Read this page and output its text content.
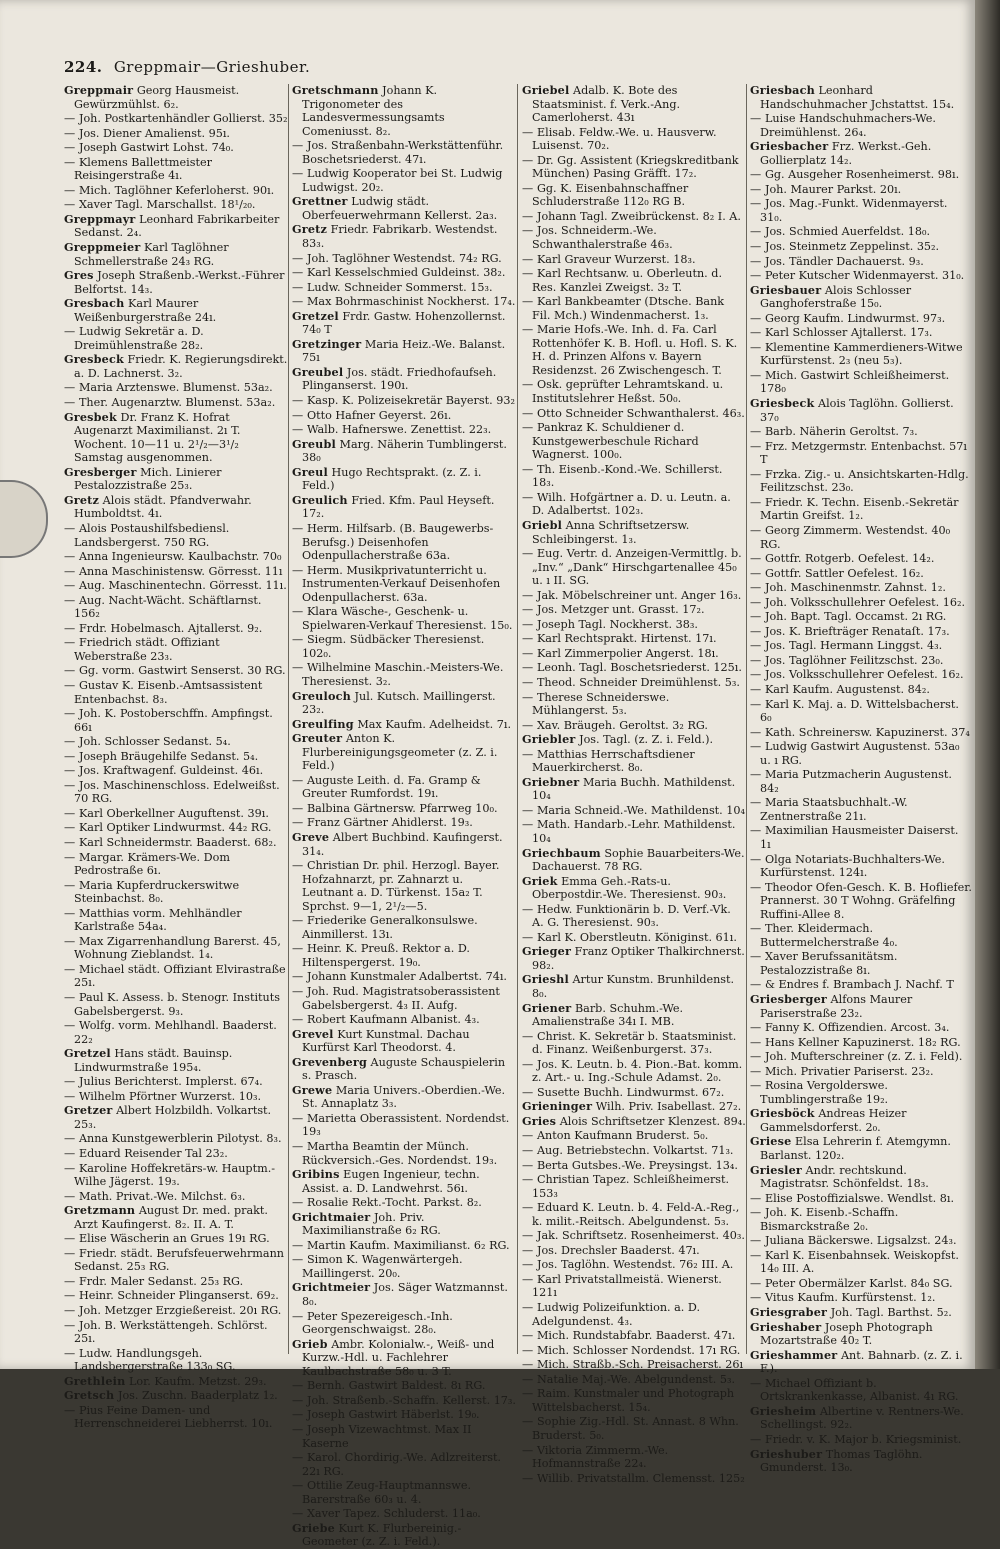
224. Greppmair—Grieshuber.
Greppmair Georg Hausmeist. Gewürzmühlst. 6₂.
— Joh. Postkartenhändler Gollierst. 35₂
— Jos. Diener Amalienst. 95ı.
— Joseph Gastwirt Lohst. 74₀.
— Klemens Ballettmeister Reisingerstraße 4ı.
— Mich. Taglöhner Keferloherst. 90ı.
— Xaver Tagl. Marschallst. 18¹/₂₀.
Greppmayr Leonhard Fabrikarbeiter Sedanst. 2₄.
Greppmeier Karl Taglöhner Schmellerstraße 24₃ RG.
Gres Joseph Straßenb.-Werkst.-Führer Belfortst. 14₃.
Gresbach Karl Maurer Weißenburgerstraße 24ı.
— Ludwig Sekretär a. D. Dreimühlenstraße 28₂.
Gresbeck Friedr. K. Regierungsdirekt. a. D. Lachnerst. 3₂.
— Maria Arztenswe. Blumenst. 53a₂.
— Ther. Augenarztw. Blumenst. 53a₂.
Gresbek Dr. Franz K. Hofrat Augenarzt Maximilianst. 2ı T. Wochent. 10—11 u. 2¹/₂—3¹/₂ Samstag ausgenommen.
Gresberger Mich. Linierer Pestalozzistraße 25₃.
Gretz Alois städt. Pfandverwahr. Humboldtst. 4ı.
— Alois Postaushilfsbediensl. Landsbergerst. 750 RG.
— Anna Ingenieursw. Kaulbachstr. 70₀
— Anna Maschinistensw. Görresst. 11ı
— Aug. Maschinentechn. Görresst. 11ı.
— Aug. Nacht-Wächt. Schäftlarnst. 156₂
— Frdr. Hobelmasch. Ajtallerst. 9₂.
— Friedrich städt. Offiziant Weberstraße 23₃.
— Gg. vorm. Gastwirt Senserst. 30 RG.
— Gustav K. Eisenb.-Amtsassistent Entenbachst. 8₃.
— Joh. K. Postoberschffn. Ampfingst. 66ı
— Joh. Schlosser Sedanst. 5₄.
— Joseph Bräugehilfe Sedanst. 5₄.
— Jos. Kraftwagenf. Guldeinst. 46ı.
— Jos. Maschinenschloss. Edelweißst. 70 RG.
— Karl Oberkellner Auguftenst. 39ı.
— Karl Optiker Lindwurmst. 44₂ RG.
— Karl Schneidermstr. Baaderst. 68₂.
— Margar. Krämers-We. Dom Pedrostraße 6ı.
— Maria Kupferdruckerswitwe Steinbachst. 8₀.
— Matthias vorm. Mehlhändler Karlstraße 54a₄.
— Max Zigarrenhandlung Barerst. 45, Wohnung Zieblandst. 1₄.
— Michael städt. Offiziant Elvirastraße 25ı.
— Paul K. Assess. b. Stenogr. Instituts Gabelsbergerst. 9₃.
— Wolfg. vorm. Mehlhandl. Baaderst. 22₂
Gretzel Hans städt. Bauinsp. Lindwurmstraße 195₄.
— Julius Berichterst. Implerst. 67₄.
— Wilhelm Pförtner Wurzerst. 10₃.
Gretzer Albert Holzbildh. Volkartst. 25₃.
— Anna Kunstgewerblerin Pilotyst. 8₃.
— Eduard Reisender Tal 23₂.
— Karoline Hoffekretärs-w. Hauptm.-Wilhe Jägerst. 19₃.
— Math. Privat.-We. Milchst. 6₃.
Gretzmann August Dr. med. prakt. Arzt Kaufingerst. 8₂. II. A. T.
— Elise Wäscherin an Grues 19ı RG.
— Friedr. städt. Berufsfeuerwehrmann Sedanst. 25₃ RG.
— Frdr. Maler Sedanst. 25₃ RG.
— Heinr. Schneider Plinganserst. 69₂.
— Joh. Metzger Erzgießereist. 20ı RG.
— Joh. B. Werkstättengeh. Schlörst. 25ı.
— Ludw. Handlungsgeh. Landsbergerstraße 133₀ SG.
Grethlein Lor. Kaufm. Metzst. 29₃.
Gretsch Jos. Zuschn. Baaderplatz 1₂.
— Pius Feine Damen- und Herrenschneiderei Liebherrst. 10ı.
Gretschmann Johann K. Trigonometer des Landesvermessungsamts Comeniusst. 8₂.
— Jos. Straßenbahn-Werkstättenführ. Boschetsriederst. 47ı.
— Ludwig Kooperator bei St. Ludwig Ludwigst. 20₂.
Grettner Ludwig städt. Oberfeuerwehrmann Kellerst. 2a₃.
Gretz Friedr. Fabrikarb. Westendst. 83₃.
— Joh. Taglöhner Westendst. 74₂ RG.
— Karl Kesselschmied Guldeinst. 38₂.
— Ludw. Schneider Sommerst. 15₃.
— Max Bohrmaschinist Nockherst. 17₄.
Gretzel Frdr. Gastw. Hohenzollernst. 74₀ T
Gretzinger Maria Heiz.-We. Balanst. 75ı
Greubel Jos. städt. Friedhofaufseh. Plinganserst. 190ı.
— Kasp. K. Polizeisekretär Bayerst. 93₂
— Otto Hafner Geyerst. 26ı.
— Walb. Hafnerswe. Zenettist. 22₃.
Greubl Marg. Näherin Tumblingerst. 38₀
Greul Hugo Rechtsprakt. (z. Z. i. Feld.)
Greulich Fried. Kfm. Paul Heyseft. 17₂.
— Herm. Hilfsarb. (B. Baugewerbs-Berufsg.) Deisenhofen Odenpullacherstraße 63a.
— Herm. Musikprivatunterricht u. Instrumenten-Verkauf Deisenhofen Odenpullacherst. 63a.
— Klara Wäsche-, Geschenk- u. Spielwaren-Verkauf Theresienst. 15₀.
— Siegm. Südbäcker Theresienst. 102₀.
— Wilhelmine Maschin.-Meisters-We. Theresienst. 3₂.
Greuloch Jul. Kutsch. Maillingerst. 23₂.
Greulfing Max Kaufm. Adelheidst. 7ı.
Greuter Anton K. Flurbereinigungsgeometer (z. Z. i. Feld.)
— Auguste Leith. d. Fa. Gramp & Greuter Rumfordst. 19ı.
— Balbina Gärtnersw. Pfarrweg 10₀.
— Franz Gärtner Ahidlerst. 19₃.
Greve Albert Buchbind. Kaufingerst. 31₄.
— Christian Dr. phil. Herzogl. Bayer. Hofzahnarzt, pr. Zahnarzt u. Leutnant a. D. Türkenst. 15a₂ T. Sprchst. 9—1, 2¹/₂—5.
— Friederike Generalkonsulswe. Ainmillerst. 13ı.
— Heinr. K. Preuß. Rektor a. D. Hiltenspergerst. 19₀.
— Johann Kunstmaler Adalbertst. 74ı.
— Joh. Rud. Magistratsoberassistent Gabelsbergerst. 4₃ II. Aufg.
— Robert Kaufmann Albanist. 4₃.
Grevel Kurt Kunstmal. Dachau Kurfürst Karl Theodorst. 4.
Grevenberg Auguste Schauspielerin s. Prasch.
Grewe Maria Univers.-Oberdien.-We. St. Annaplatz 3₃.
— Marietta Oberassistent. Nordendst. 19₃
— Martha Beamtin der Münch. Rückversich.-Ges. Nordendst. 19₃.
Gribins Eugen Ingenieur, techn. Assist. a. D. Landwehrst. 56ı.
— Rosalie Rekt.-Tocht. Parkst. 8₂.
Grichtmaier Joh. Priv. Maximilianstraße 6₂ RG.
— Martin Kaufm. Maximilianst. 6₂ RG.
— Simon K. Wagenwärtergeh. Maillingerst. 20₀.
Grichtmeier Jos. Säger Watzmannst. 8₀.
— Peter Spezereigesch.-Inh. Georgenschwaigst. 28₀.
Grieb Ambr. Kolonialw.-, Weiß- und Kurzw.-Hdl. u. Fachlehrer Kaulbachstraße 58₀ u. 3 T.
— Bernh. Gastwirt Baldest. 8ı RG.
— Joh. Straßenb.-Schaffn. Kellerst. 17₃.
— Joseph Gastwirt Häberlst. 19₀.
— Joseph Vizewachtmst. Max II Kaserne
— Karol. Chordirig.-We. Adlzreiterst. 22ı RG.
— Ottilie Zeug-Hauptmannswe. Barerstraße 60₃ u. 4.
— Xaver Tapez. Schluderst. 11a₀.
Griebe Kurt K. Flurbereinig.-Geometer (z. Z. i. Feld.).
Griebel Adalb. K. Bote des Staatsminist. f. Verk.-Ang. Camerloherst. 43ı
— Elisab. Feldw.-We. u. Hausverw. Luisenst. 70₂.
— Dr. Gg. Assistent (Kriegskreditbank München) Pasing Gräfft. 17₂.
— Gg. K. Eisenbahnschaffner Schluderstraße 112₀ RG B.
— Johann Tagl. Zweibrückenst. 8₂ I. A.
— Jos. Schneiderm.-We. Schwanthalerstraße 46₃.
— Karl Graveur Wurzerst. 18₃.
— Karl Rechtsanw. u. Oberleutn. d. Res. Kanzlei Zweigst. 3₂ T.
— Karl Bankbeamter (Dtsche. Bank Fil. Mch.) Windenmacherst. 1₃.
— Marie Hofs.-We. Inh. d. Fa. Carl Rottenhöfer K. B. Hofl. u. Hofl. S. K. H. d. Prinzen Alfons v. Bayern Residenzst. 26 Zwischengesch. T.
— Osk. geprüfter Lehramtskand. u. Institutslehrer Heßst. 50₀.
— Otto Schneider Schwanthalerst. 46₃.
— Pankraz K. Schuldiener d. Kunstgewerbeschule Richard Wagnerst. 100₀.
— Th. Eisenb.-Kond.-We. Schillerst. 18₃.
— Wilh. Hofgärtner a. D. u. Leutn. a. D. Adalbertst. 102₃.
Griebl Anna Schriftsetzersw. Schleibingerst. 1₃.
— Eug. Vertr. d. Anzeigen-Vermittlg. b. „Inv.“ „Dank“ Hirschgartenallee 45₀ u. ı II. SG.
— Jak. Möbelschreiner unt. Anger 16₃.
— Jos. Metzger unt. Grasst. 17₂.
— Joseph Tagl. Nockherst. 38₃.
— Karl Rechtsprakt. Hirtenst. 17ı.
— Karl Zimmerpolier Angerst. 18ı.
— Leonh. Tagl. Boschetsriederst. 125ı.
— Theod. Schneider Dreimühlenst. 5₃.
— Therese Schneiderswe. Mühlangerst. 5₃.
— Xav. Bräugeh. Geroltst. 3₂ RG.
Griebler Jos. Tagl. (z. Z. i. Feld.).
— Matthias Herrschaftsdiener Mauerkircherst. 8₀.
Griebner Maria Buchh. Mathildenst. 10₄
— Maria Schneid.-We. Mathildenst. 10₄
— Math. Handarb.-Lehr. Mathildenst. 10₄
Griechbaum Sophie Bauarbeiters-We. Dachauerst. 78 RG.
Griek Emma Geh.-Rats-u. Oberpostdir.-We. Theresienst. 90₃.
— Hedw. Funktionärin b. D. Verf.-Vk. A. G. Theresienst. 90₃.
— Karl K. Oberstleutn. Königinst. 61ı.
Grieger Franz Optiker Thalkirchnerst. 98₂.
Grieshl Artur Kunstm. Brunhildenst. 8₀.
Griener Barb. Schuhm.-We. Amalienstraße 34ı I. MB.
— Christ. K. Sekretär b. Staatsminist. d. Finanz. Weißenburgerst. 37₃.
— Jos. K. Leutn. b. 4. Pion.-Bat. komm. z. Art.- u. Ing.-Schule Adamst. 2₀.
— Susette Buchh. Lindwurmst. 67₂.
Grieninger Wilh. Priv. Isabellast. 27₂.
Gries Alois Schriftsetzer Klenzest. 89₄.
— Anton Kaufmann Bruderst. 5₀.
— Aug. Betriebstechn. Volkartst. 71₃.
— Berta Gutsbes.-We. Preysingst. 13₄.
— Christian Tapez. Schleißheimerst. 153₃
— Eduard K. Leutn. b. 4. Feld-A.-Reg., k. milit.-Reitsch. Abelgundenst. 5₃.
— Jak. Schriftsetz. Rosenheimerst. 40₃.
— Jos. Drechsler Baaderst. 47ı.
— Jos. Taglöhn. Westendst. 76₂ III. A.
— Karl Privatstallmeistä. Wienerst. 121ı
— Ludwig Polizeifunktion. a. D. Adelgundenst. 4₃.
— Mich. Rundstabfabr. Baaderst. 47ı.
— Mich. Schlosser Nordendst. 17ı RG.
— Mich. Straßb.-Sch. Preisacherst. 26ı
— Natalie Maj.-We. Abelgundenst. 5₃.
— Raim. Kunstmaler und Photograph Wittelsbacherst. 15₄.
— Sophie Zig.-Hdl. St. Annast. 8 Whn. Bruderst. 5₀.
— Viktoria Zimmerm.-We. Hofmannstraße 22₄.
— Willib. Privatstallm. Clemensst. 125₂
Griesbach Leonhard Handschuhmacher Jchstattst. 15₄.
— Luise Handschuhmachers-We. Dreimühlenst. 26₄.
Griesbacher Frz. Werkst.-Geh. Gollierplatz 14₂.
— Gg. Ausgeher Rosenheimerst. 98ı.
— Joh. Maurer Parkst. 20ı.
— Jos. Mag.-Funkt. Widenmayerst. 31₀.
— Jos. Schmied Auerfeldst. 18₀.
— Jos. Steinmetz Zeppelinst. 35₂.
— Jos. Tändler Dachauerst. 9₃.
— Peter Kutscher Widenmayerst. 31₀.
Griesbauer Alois Schlosser Ganghoferstraße 15₀.
— Georg Kaufm. Lindwurmst. 97₃.
— Karl Schlosser Ajtallerst. 17₃.
— Klementine Kammerdieners-Witwe Kurfürstenst. 2₃ (neu 5₃).
— Mich. Gastwirt Schleißheimerst. 178₀
Griesbeck Alois Taglöhn. Gollierst. 37₀
— Barb. Näherin Geroltst. 7₃.
— Frz. Metzgermstr. Entenbachst. 57ı T
— Frzka. Zig.- u. Ansichtskarten-Hdlg. Feilitzschst. 23₀.
— Friedr. K. Techn. Eisenb.-Sekretär Martin Greifst. 1₂.
— Georg Zimmerm. Westendst. 40₀ RG.
— Gottfr. Rotgerb. Oefelest. 14₂.
— Gottfr. Sattler Oefelest. 16₂.
— Joh. Maschinenmstr. Zahnst. 1₂.
— Joh. Volksschullehrer Oefelest. 16₂.
— Joh. Bapt. Tagl. Occamst. 2ı RG.
— Jos. K. Briefträger Renataſt. 17₃.
— Jos. Tagl. Hermann Linggst. 4₃.
— Jos. Taglöhner Feilitzschst. 23₀.
— Jos. Volksschullehrer Oefelest. 16₂.
— Karl Kaufm. Augustenst. 84₂.
— Karl K. Maj. a. D. Wittelsbacherst. 6₀
— Kath. Schreinersw. Kapuzinerst. 37₄
— Ludwig Gastwirt Augustenst. 53a₀ u. ı RG.
— Maria Putzmacherin Augustenst. 84₂
— Maria Staatsbuchhalt.-W. Zentnerstraße 21ı.
— Maximilian Hausmeister Daiserst. 1ı
— Olga Notariats-Buchhalters-We. Kurfürstenst. 124ı.
— Theodor Ofen-Gesch. K. B. Hofliefer. Prannerst. 30 T Wohng. Gräfelfing Ruffini-Allee 8.
— Ther. Kleidermach. Buttermelcherstraße 4₀.
— Xaver Berufssanitätsm. Pestalozzistraße 8ı.
— & Endres f. Brambach J. Nachf. T
Griesberger Alfons Maurer Pariserstraße 23₂.
— Fanny K. Offizendien. Arcost. 3₄.
— Hans Kellner Kapuzinerst. 18₂ RG.
— Joh. Mufterschreiner (z. Z. i. Feld).
— Mich. Privatier Pariserst. 23₂.
— Rosina Vergolderswe. Tumblingerstraße 19₂.
Griesböck Andreas Heizer Gammelsdorferst. 2₀.
Griese Elsa Lehrerin f. Atemgymn. Barlanst. 120₂.
Griesler Andr. rechtskund. Magistratsr. Schönfeldst. 18₃.
— Elise Postoffizialswe. Wendlst. 8ı.
— Joh. K. Eisenb.-Schaffn. Bismarckstraße 2₀.
— Juliana Bäckerswe. Ligsalzst. 24₃.
— Karl K. Eisenbahnsek. Weiskopfst. 14₀ III. A.
— Peter Obermälzer Karlst. 84₀ SG.
— Vitus Kaufm. Kurfürstenst. 1₂.
Griesgraber Joh. Tagl. Barthst. 5₂.
Grieshaber Joseph Photograph Mozartstraße 40₂ T.
Grieshammer Ant. Bahnarb. (z. Z. i. F.).
— Michael Offiziant b. Ortskrankenkasse, Albanist. 4ı RG.
Griesheim Albertine v. Rentners-We. Schellingst. 92₂.
— Friedr. v. K. Major b. Kriegsminist.
Grieshuber Thomas Taglöhn. Gmunderst. 13₀.
